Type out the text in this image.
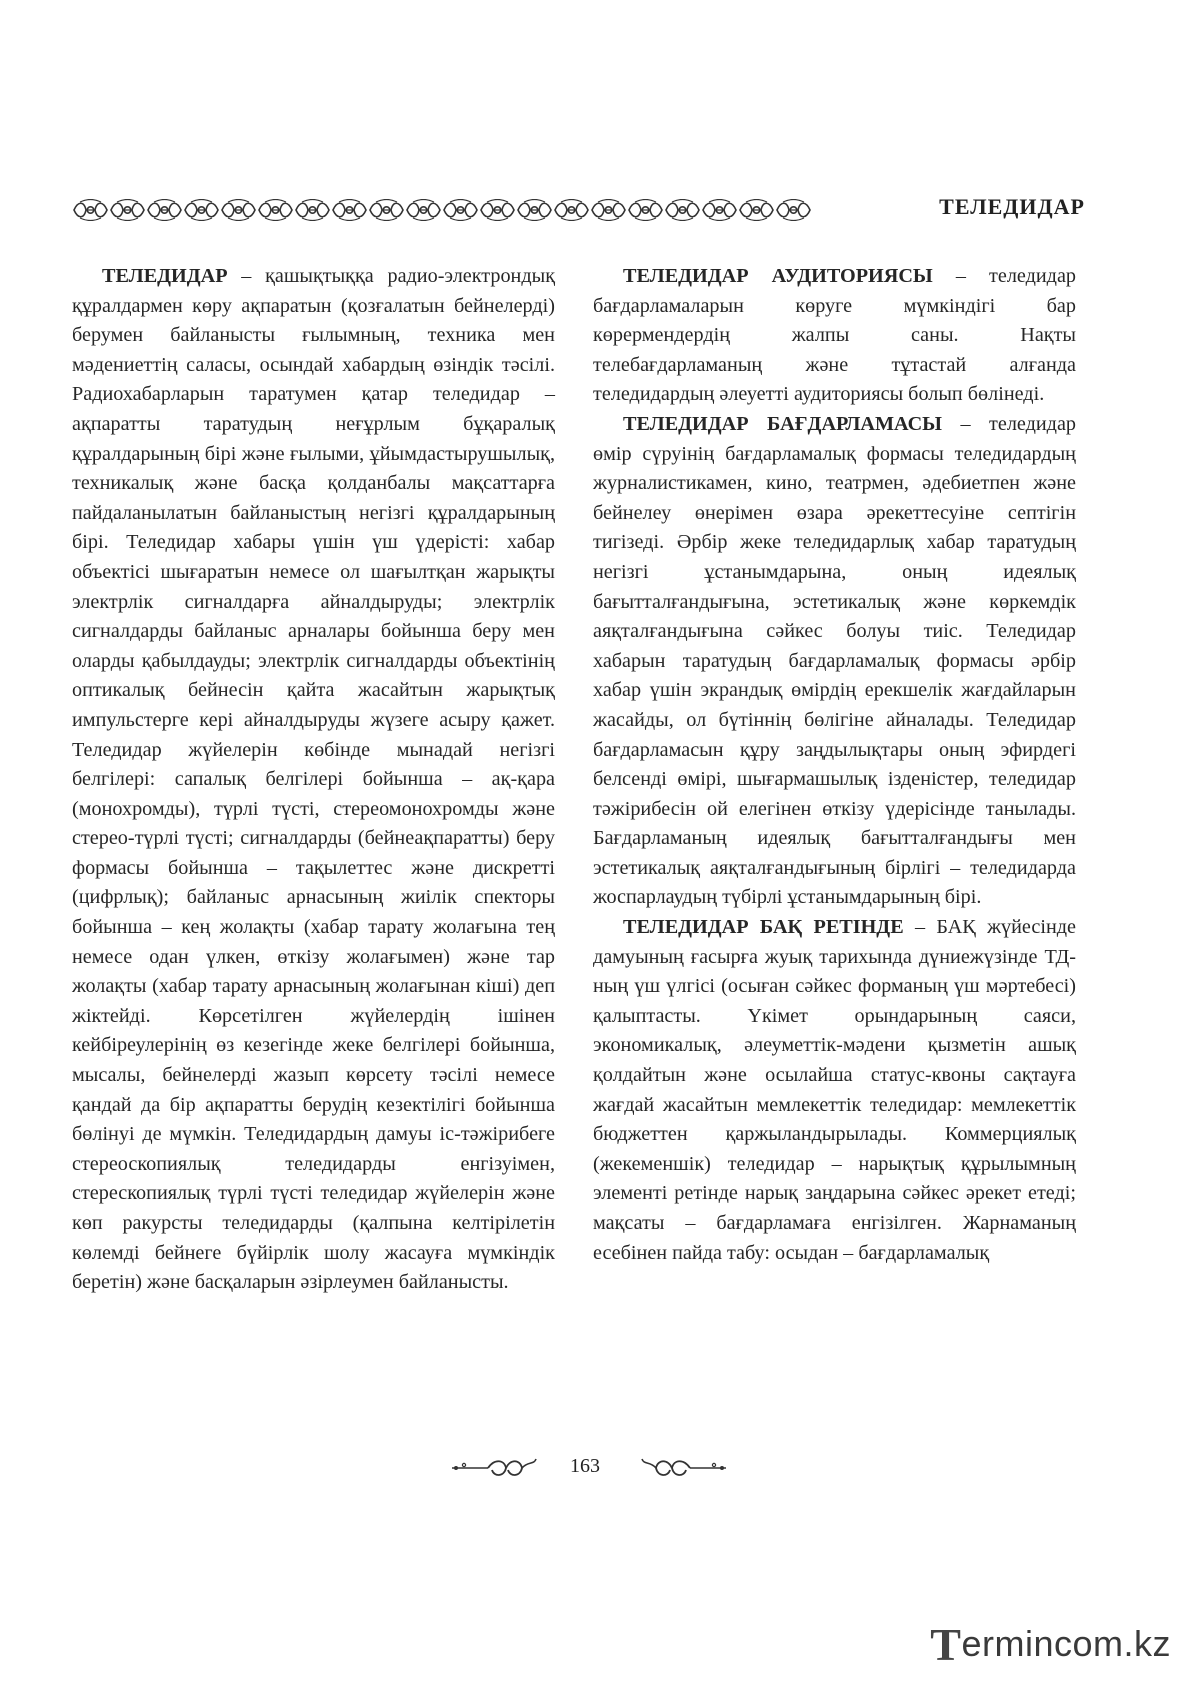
ТЕЛЕДИДАР

ТЕЛЕДИДАР – қашықтыққа радио-электрондық құралдармен көру ақпаратын (қозғалатын бейнелерді) берумен байланысты ғылымның, техника мен мәдениеттің саласы, осындай хабардың өзіндік тәсілі. Радиохабарларын таратумен қатар теледидар – ақпаратты таратудың неғұрлым бұқаралық құралдарының бірі және ғылыми, ұйымдастырушылық, техникалық және басқа қолданбалы мақсаттарға пайдаланылатын байланыстың негізгі құралдарының бірі. Теледидар хабары үшін үш үдерісті: хабар объектісі шығаратын немесе ол шағылтқан жарықты электрлік сигналдарға айналдыруды; электрлік сигналдарды байланыс арналары бойынша беру мен оларды қабылдауды; электрлік сигналдарды объектінің оптикалық бейнесін қайта жасайтын жарықтық импульстерге кері айналдыруды жүзеге асыру қажет. Теледидар жүйелерін көбінде мынадай негізгі белгілері: сапалық белгілері бойынша – ақ-қара (монохромды), түрлі түсті, стереомонохромды және стерео-түрлі түсті; сигналдарды (бейнеақпаратты) беру формасы бойынша – тақылеттес және дискретті (цифрлық); байланыс арнасының жиілік спекторы бойынша – кең жолақты (хабар тарату жолағына тең немесе одан үлкен, өткізу жолағымен) және тар жолақты (хабар тарату арнасының жолағынан кіші) деп жіктейді. Көрсетілген жүйелердің ішінен кейбіреулерінің өз кезегінде жеке белгілері бойынша, мысалы, бейнелерді жазып көрсету тәсілі немесе қандай да бір ақпаратты берудің кезектілігі бойынша бөлінуі де мүмкін. Теледидардың дамуы іс-тәжірибеге стереоскопиялық теледидарды енгізуімен, стерескопиялық түрлі түсті теледидар жүйелерін және көп ракурсты теледидарды (қалпына келтірілетін көлемді бейнеге бүйірлік шолу жасауға мүмкіндік беретін) және басқаларын әзірлеумен байланысты.

ТЕЛЕДИДАР АУДИТОРИЯСЫ – теледидар бағдарламаларын көруге мүмкіндігі бар көрермендердің жалпы саны. Нақты телебағдарламаның және тұтастай алғанда теледидардың әлеуетті аудиториясы болып бөлінеді.

ТЕЛЕДИДАР БАҒДАРЛАМАСЫ – теледидар өмір сүруінің бағдарламалық формасы теледидардың журналистикамен, кино, театрмен, әдебиетпен және бейнелеу өнерімен өзара әрекеттесуіне септігін тигізеді. Әрбір жеке теледидарлық хабар таратудың негізгі ұстанымдарына, оның идеялық бағытталғандығына, эстетикалық және көркемдік аяқталғандығына сәйкес болуы тиіс. Теледидар хабарын таратудың бағдарламалық формасы әрбір хабар үшін экрандық өмірдің ерекшелік жағдайларын жасайды, ол бүтіннің бөлігіне айналады. Теледидар бағдарламасын құру заңдылықтары оның эфирдегі белсенді өмірі, шығармашылық ізденістер, теледидар тәжірибесін ой елегінен өткізу үдерісінде танылады. Бағдарламаның идеялық бағытталғандығы мен эстетикалық аяқталғандығының бірлігі – теледидарда жоспарлаудың түбірлі ұстанымдарының бірі.

ТЕЛЕДИДАР БАҚ РЕТІНДЕ – БАҚ жүйесінде дамуының ғасырға жуық тарихында дүниежүзінде ТД-ның үш үлгісі (осыған сәйкес форманың үш мәртебесі) қалыптасты. Үкімет орындарының саяси, экономикалық, әлеуметтік-мәдени қызметін ашық қолдайтын және осылайша статус-квоны сақтауға жағдай жасайтын мемлекеттік теледидар: мемлекеттік бюджеттен қаржыландырылады. Коммерциялық (жекеменшік) теледидар – нарықтық құрылымның элементі ретінде нарық заңдарына сәйкес әрекет етеді; мақсаты – бағдарламаға енгізілген. Жарнаманың есебінен пайда табу: осыдан – бағдарламалық

163
T ermincom.kz
